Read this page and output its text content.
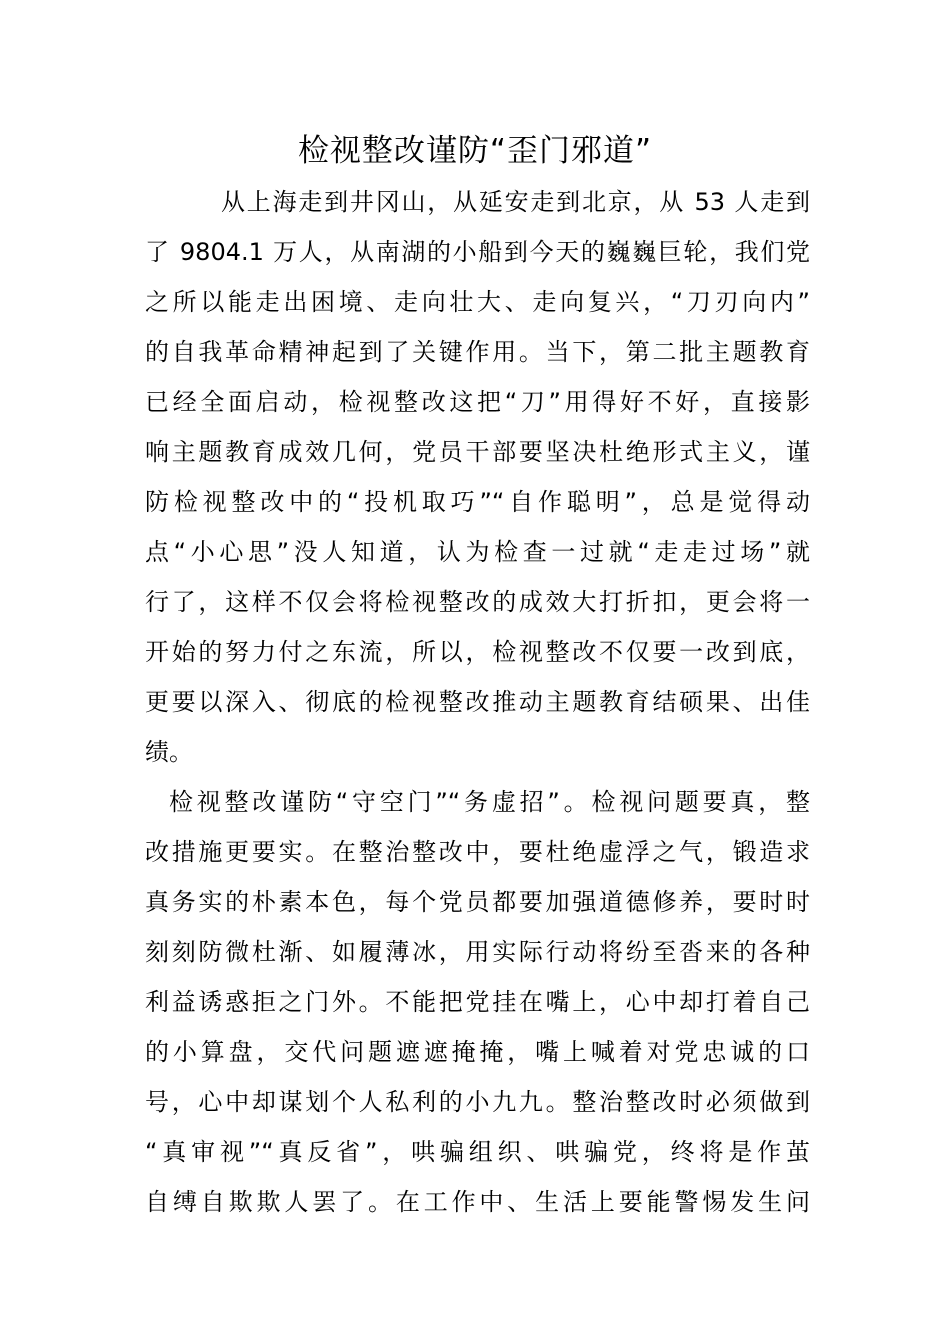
检视整改谨防“歪门邪道”
从上海走到井冈山，从延安走到北京，从 53 人走到
了 9804.1 万人，从南湖的小船到今天的巍巍巨轮，我们党
之所以能走出困境、走向壮大、走向复兴，“刀刃向内”
的自我革命精神起到了关键作用。当下，第二批主题教育
已经全面启动，检视整改这把“刀”用得好不好，直接影
响主题教育成效几何，党员干部要坚决杜绝形式主义，谨
防检视整改中的“投机取巧”“自作聪明”，总是觉得动
点“小心思”没人知道，认为检查一过就“走走过场”就
行了，这样不仅会将检视整改的成效大打折扣，更会将一
开始的努力付之东流，所以，检视整改不仅要一改到底，
更要以深入、彻底的检视整改推动主题教育结硕果、出佳
绩。
检视整改谨防“守空门”“务虚招”。检视问题要真，整
改措施更要实。在整治整改中，要杜绝虚浮之气，锻造求
真务实的朴素本色，每个党员都要加强道德修养，要时时
刻刻防微杜渐、如履薄冰，用实际行动将纷至沓来的各种
利益诱惑拒之门外。不能把党挂在嘴上，心中却打着自己
的小算盘，交代问题遮遮掩掩，嘴上喊着对党忠诚的口
号，心中却谋划个人私利的小九九。整治整改时必须做到
“真审视”“真反省”，哄骗组织、哄骗党，终将是作茧
自缚自欺欺人罢了。在工作中、生活上要能警惕发生问
